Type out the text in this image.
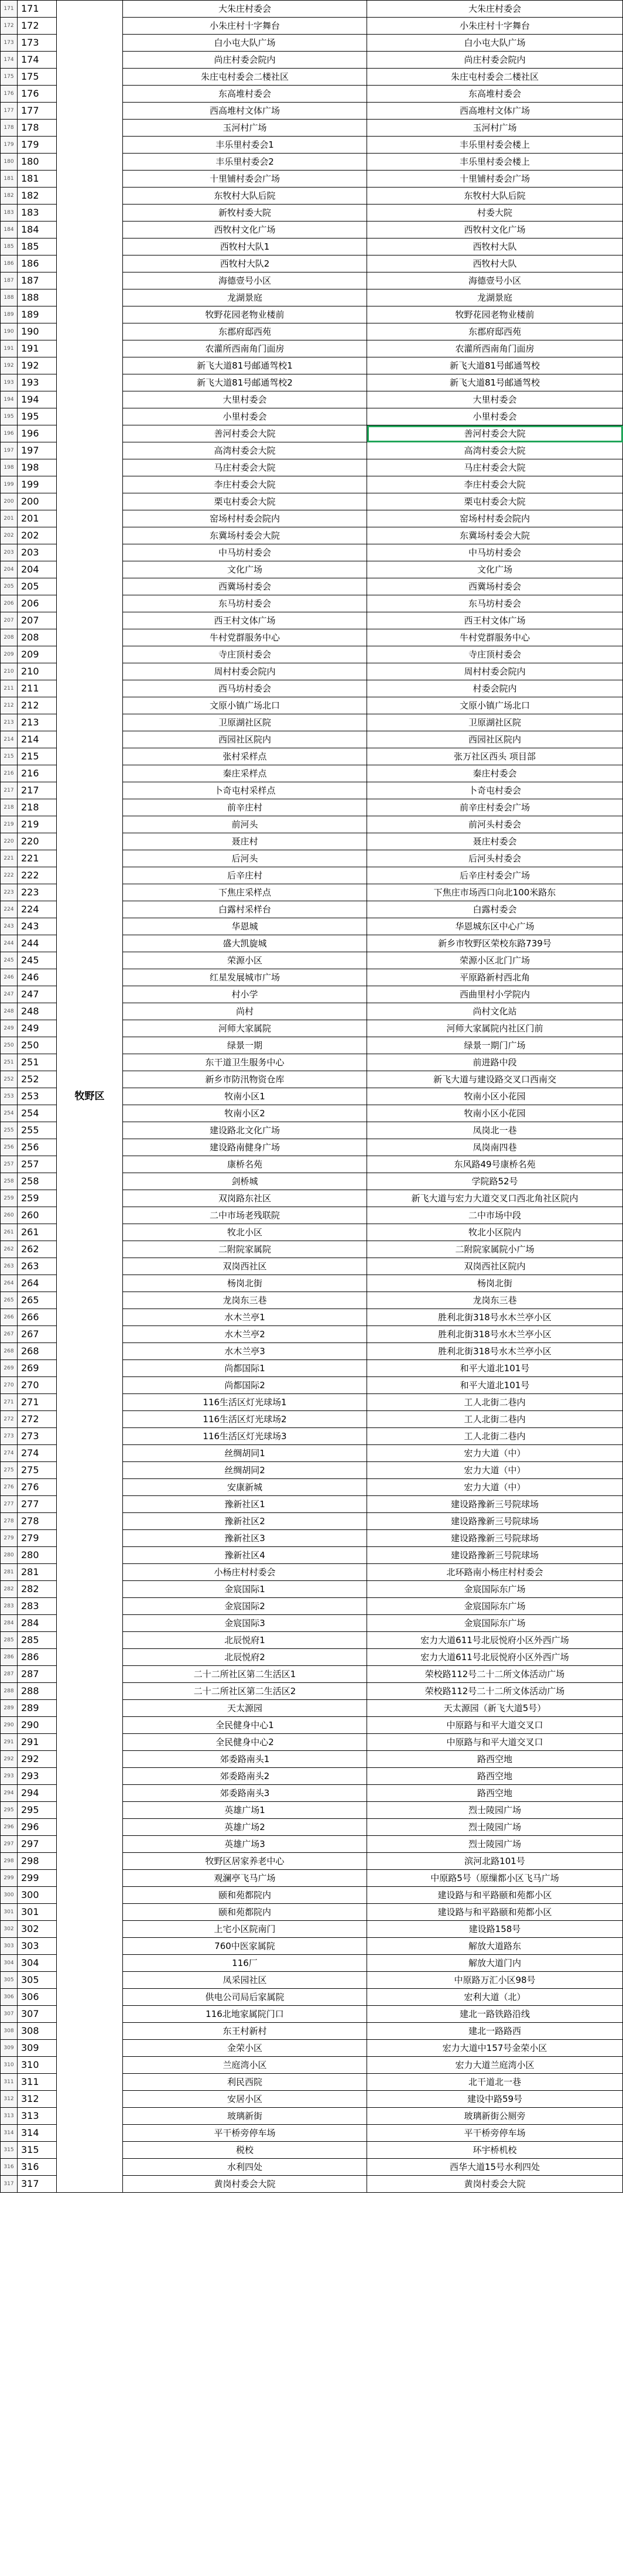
171	171	牧野区	大朱庄村委会	大朱庄村委会
172	172		小朱庄村十字舞台	小朱庄村十字舞台
173	173		白小屯大队广场	白小屯大队广场
174	174		尚庄村委会院内	尚庄村委会院内
175	175		朱庄屯村委会二楼社区	朱庄屯村委会二楼社区
176	176		东高堆村委会	东高堆村委会
177	177		西高堆村文体广场	西高堆村文体广场
178	178		玉河村广场	玉河村广场
179	179		丰乐里村委会1	丰乐里村委会楼上
180	180		丰乐里村委会2	丰乐里村委会楼上
181	181		十里铺村委会广场	十里铺村委会广场
182	182		东牧村大队后院	东牧村大队后院
183	183		新牧村委大院	村委大院
184	184		西牧村文化广场	西牧村文化广场
185	185		西牧村大队1	西牧村大队
186	186		西牧村大队2	西牧村大队
187	187		海德壹号小区	海德壹号小区
188	188		龙湖景庭	龙湖景庭
189	189		牧野花园老物业楼前	牧野花园老物业楼前
190	190		东郡府邸西苑	东郡府邸西苑
191	191		农灌所西南角门面房	农灌所西南角门面房
192	192		新飞大道81号邮通驾校1	新飞大道81号邮通驾校
193	193		新飞大道81号邮通驾校2	新飞大道81号邮通驾校
194	194		大里村委会	大里村委会
195	195		小里村委会	小里村委会
196	196		善河村委会大院	善河村委会大院
197	197		高湾村委会大院	高湾村委会大院
198	198		马庄村委会大院	马庄村委会大院
199	199		李庄村委会大院	李庄村委会大院
200	200		栗屯村委会大院	栗屯村委会大院
201	201		窑场村村委会院内	窑场村村委会院内
202	202		东冀场村委会大院	东冀场村委会大院
203	203		中马坊村委会	中马坊村委会
204	204		文化广场	文化广场
205	205		西冀场村委会	西冀场村委会
206	206		东马坊村委会	东马坊村委会
207	207		西王村文体广场	西王村文体广场
208	208		牛村党群服务中心	牛村党群服务中心
209	209		寺庄顶村委会	寺庄顶村委会
210	210		周村村委会院内	周村村委会院内
211	211		西马坊村委会	村委会院内
212	212		文原小镇广场北口	文原小镇广场北口
213	213		卫原湖社区院	卫原湖社区院
214	214		西园社区院内	西园社区院内
215	215		张村采样点	张万社区西头 项目部
216	216		秦庄采样点	秦庄村委会
217	217		卜奇屯村采样点	卜奇屯村委会
218	218		前辛庄村	前辛庄村委会广场
219	219		前河头	前河头村委会
220	220		聂庄村	聂庄村委会
221	221		后河头	后河头村委会
222	222		后辛庄村	后辛庄村委会广场
223	223		下焦庄采样点	下焦庄市场西口向北100米路东
224	224		白露村采样台	白露村委会
243	243		华恩城	华恩城东区中心广场
244	244		盛大凯旋城	新乡市牧野区荣校东路739号
245	245		荣源小区	荣源小区北门广场
246	246		红星发展城市广场	平原路新村西北角
247	247		村小学	西曲里村小学院内
248	248		尚村	尚村文化站
249	249		河师大家属院	河师大家属院内社区门前
250	250		绿景一期	绿景一期门广场
251	251		东干道卫生服务中心	前进路中段
252	252		新乡市防汛物资仓库	新飞大道与建设路交叉口西南交
253	253		牧南小区1	牧南小区小花园
254	254		牧南小区2	牧南小区小花园
255	255		建设路北文化广场	凤岗北一巷
256	256		建设路南健身广场	凤岗南四巷
257	257		康桥名苑	东风路49号康桥名苑
258	258		剑桥城	学院路52号
259	259		双岗路东社区	新飞大道与宏力大道交叉口西北角社区院内
260	260		二中市场老残联院	二中市场中段
261	261		牧北小区	牧北小区院内
262	262		二附院家属院	二附院家属院小广场
263	263		双岗西社区	双岗西社区院内
264	264		杨岗北街	杨岗北街
265	265		龙岗东三巷	龙岗东三巷
266	266		水木兰亭1	胜利北街318号水木兰亭小区
267	267		水木兰亭2	胜利北街318号水木兰亭小区
268	268		水木兰亭3	胜利北街318号水木兰亭小区
269	269		尚都国际1	和平大道北101号
270	270		尚都国际2	和平大道北101号
271	271		116生活区灯光球场1	工人北街二巷内
272	272		116生活区灯光球场2	工人北街二巷内
273	273		116生活区灯光球场3	工人北街二巷内
274	274		丝绸胡同1	宏力大道（中）
275	275		丝绸胡同2	宏力大道（中）
276	276		安康新城	宏力大道（中）
277	277		豫新社区1	建设路豫新三号院球场
278	278		豫新社区2	建设路豫新三号院球场
279	279		豫新社区3	建设路豫新三号院球场
280	280		豫新社区4	建设路豫新三号院球场
281	281		小杨庄村村委会	北环路南小杨庄村村委会
282	282		金宸国际1	金宸国际东广场
283	283		金宸国际2	金宸国际东广场
284	284		金宸国际3	金宸国际东广场
285	285		北辰悦府1	宏力大道611号北辰悦府小区外西广场
286	286		北辰悦府2	宏力大道611号北辰悦府小区外西广场
287	287		二十二所社区第二生活区1	荣校路112号二十二所文体活动广场
288	288		二十二所社区第二生活区2	荣校路112号二十二所文体活动广场
289	289		天太源园	天太源园（新飞大道5号）
290	290		全民健身中心1	中原路与和平大道交叉口
291	291		全民健身中心2	中原路与和平大道交叉口
292	292		郊委路南头1	路西空地
293	293		郊委路南头2	路西空地
294	294		郊委路南头3	路西空地
295	295		英雄广场1	烈士陵园广场
296	296		英雄广场2	烈士陵园广场
297	297		英雄广场3	烈士陵园广场
298	298		牧野区居家养老中心	滨河北路101号
299	299		观澜亭飞马广场	中原路5号（原缫都小区飞马广场
300	300		颐和苑都院内	建设路与和平路颐和苑都小区
301	301		颐和苑都院内	建设路与和平路颐和苑都小区
302	302		上宅小区院南门	建设路158号
303	303		760中医家属院	解放大道路东
304	304		116厂	解放大道门内
305	305		凤采园社区	中原路万汇小区98号
306	306		供电公司局后家属院	宏利大道（北）
307	307		116北地家属院门口	建北一路铁路沿线
308	308		东王村新村	建北一路路西
309	309		金荣小区	宏力大道中157号金荣小区
310	310		兰庭湾小区	宏力大道兰庭湾小区
311	311		利民西院	北干道北一巷
312	312		安居小区	建设中路59号
313	313		玻璃新街	玻璃新街公厕旁
314	314		平干桥旁停车场	平干桥旁停车场
315	315		税校	环宇桥机校
316	316		水利四处	西华大道15号水利四处
317	317		黄岗村委会大院	黄岗村委会大院
